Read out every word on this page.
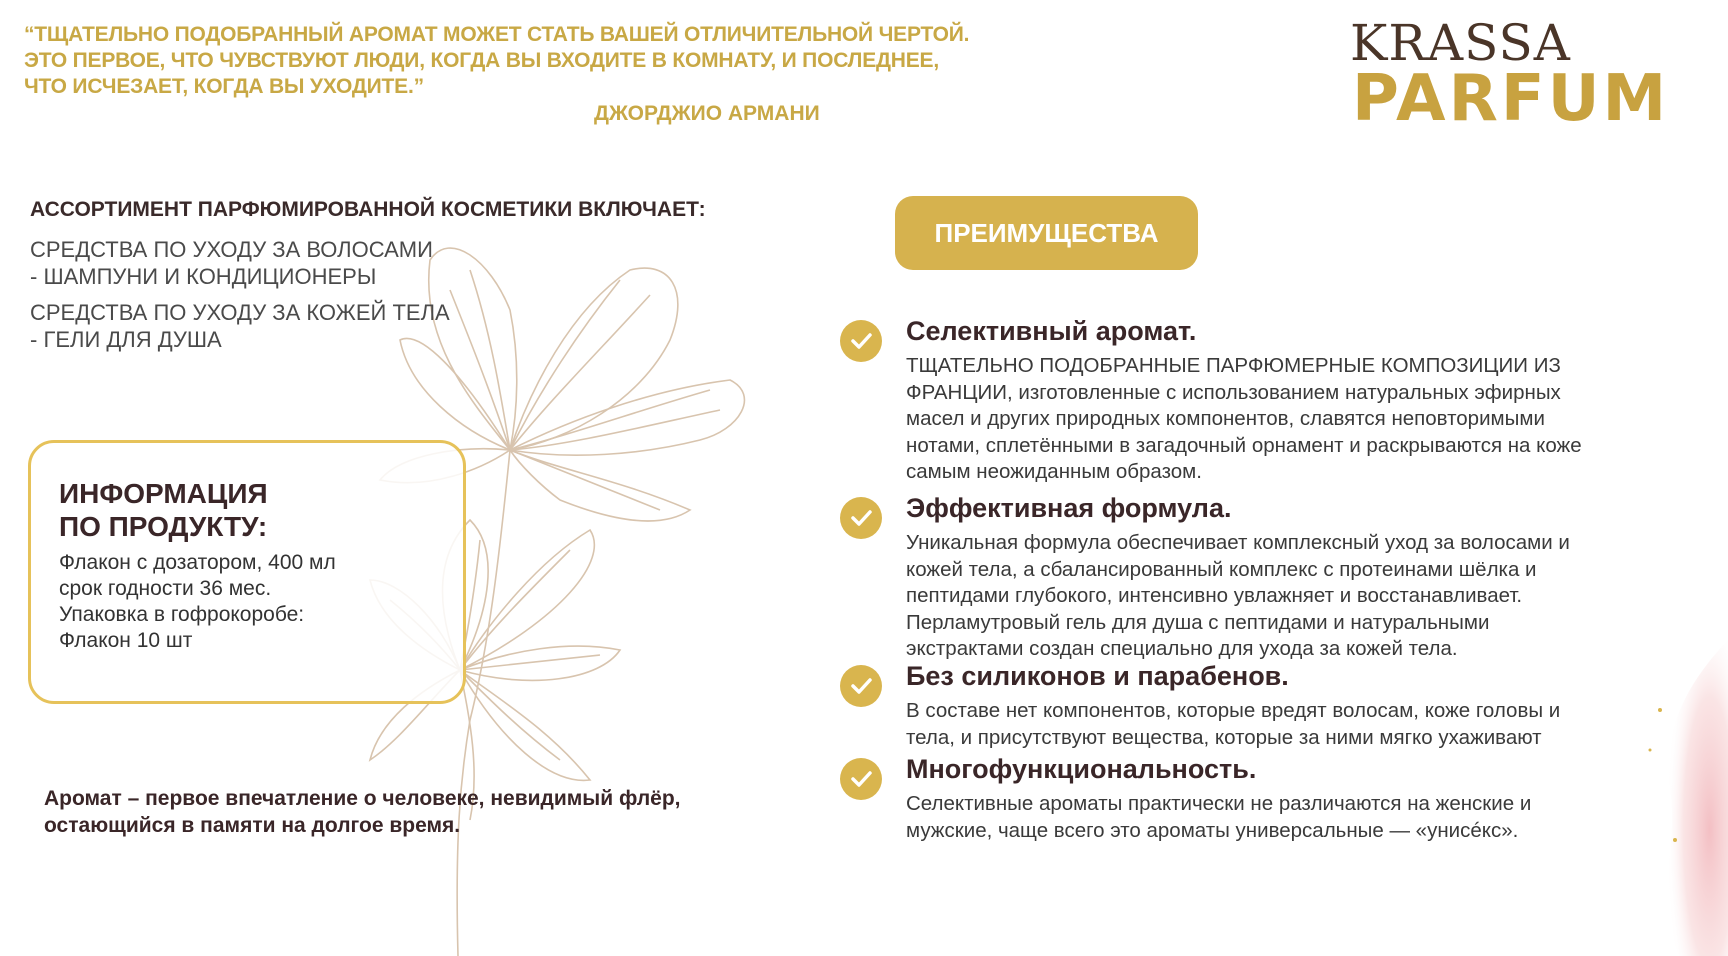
“ТЩАТЕЛЬНО ПОДОБРАННЫЙ АРОМАТ МОЖЕТ СТАТЬ ВАШЕЙ ОТЛИЧИТЕЛЬНОЙ ЧЕРТОЙ.
ЭТО ПЕРВОЕ, ЧТО ЧУВСТВУЮТ ЛЮДИ, КОГДА ВЫ ВХОДИТЕ В КОМНАТУ, И ПОСЛЕДНЕЕ,
ЧТО ИСЧЕЗАЕТ, КОГДА ВЫ УХОДИТЕ.”
ДЖОРДЖИО АРМАНИ
KRASSA
PARFUM
АССОРТИМЕНТ ПАРФЮМИРОВАННОЙ КОСМЕТИКИ ВКЛЮЧАЕТ:
СРЕДСТВА ПО УХОДУ ЗА ВОЛОСАМИ
- ШАМПУНИ И КОНДИЦИОНЕРЫ
СРЕДСТВА ПО УХОДУ ЗА КОЖЕЙ ТЕЛА
- ГЕЛИ ДЛЯ ДУША
ИНФОРМАЦИЯ
ПО ПРОДУКТУ:
Флакон с дозатором, 400 мл
срок годности 36 мес.
Упаковка в гофрокоробе:
Флакон 10 шт
Аромат – первое впечатление о человеке, невидимый флёр,
остающийся в памяти на долгое время.
ПРЕИМУЩЕСТВА
Селективный аромат.
ТЩАТЕЛЬНО ПОДОБРАННЫЕ ПАРФЮМЕРНЫЕ КОМПОЗИЦИИ ИЗ
ФРАНЦИИ, изготовленные с использованием натуральных эфирных
масел и других природных компонентов, славятся неповторимыми
нотами, сплетёнными в загадочный орнамент и раскрываются на коже
самым неожиданным образом.
Эффективная формула.
Уникальная формула обеспечивает комплексный уход за волосами и
кожей тела, а сбалансированный комплекс с протеинами шёлка и
пептидами глубокого, интенсивно увлажняет и восстанавливает.
Перламутровый гель для душа с пептидами и натуральными
экстрактами создан специально для ухода за кожей тела.
Без силиконов и парабенов.
В составе нет компонентов, которые вредят волосам, коже головы и
тела, и присутствуют вещества, которые за ними мягко ухаживают
Многофункциональность.
Селективные ароматы практически не различаются на женские и
мужские, чаще всего это ароматы универсальные — «унисéкс».
